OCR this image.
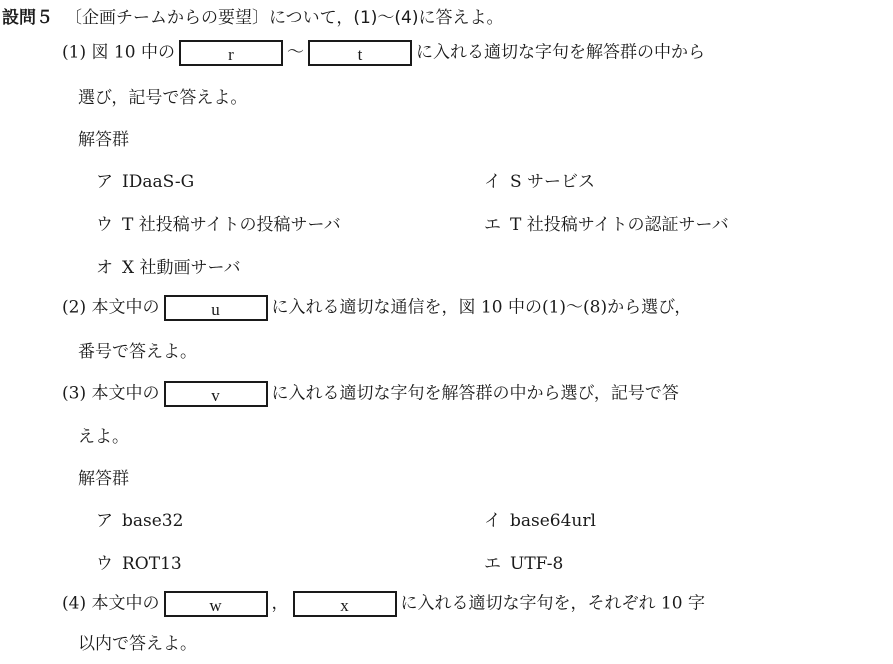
設問５ 〔企画チームからの要望〕について，(1)〜(4)に答えよ。
(1) 図 10 中の	r	〜	t	に入れる適切な字句を解答群の中から
選び，記号で答えよ。
解答群
ア IDaaS-G	イ S サービス
ウ T 社投稿サイトの投稿サーバ	エ T 社投稿サイトの認証サーバ
オ X 社動画サーバ
(2) 本文中の	u	に入れる適切な通信を，図 10 中の(1)〜(8)から選び，
番号で答えよ。
(3) 本文中の	v	に入れる適切な字句を解答群の中から選び，記号で答
えよ。
解答群
ア base32	イ base64url
ウ ROT13	エ UTF-8
(4) 本文中の	w	，	x	に入れる適切な字句を，それぞれ 10 字
以内で答えよ。
